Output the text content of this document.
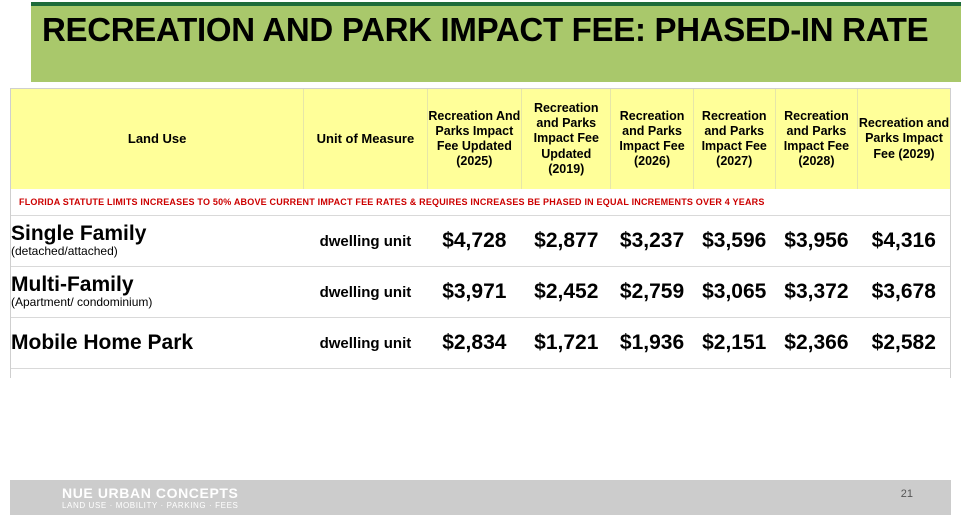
RECREATION AND PARK IMPACT FEE: PHASED-IN RATE
Land Use	Unit of Measure	Recreation And Parks Impact Fee Updated (2025)	Recreation and Parks Impact Fee Updated (2019)	Recreation and Parks Impact Fee (2026)	Recreation and Parks Impact Fee (2027)	Recreation and Parks Impact Fee (2028)	Recreation and Parks Impact Fee (2029)
FLORIDA STATUTE LIMITS INCREASES TO 50% ABOVE CURRENT IMPACT FEE RATES & REQUIRES INCREASES BE PHASED IN EQUAL INCREMENTS OVER 4 YEARS							

Single Family
(detached/attached)	dwelling unit	$4,728	$2,877	$3,237	$3,596	$3,956	$4,316

Multi-Family
(Apartment/ condominium)	dwelling unit	$3,971	$2,452	$2,759	$3,065	$3,372	$3,678

Mobile Home Park	dwelling unit	$2,834	$1,721	$1,936	$2,151	$2,366	$2,582

NUE URBAN CONCEPTS
LAND USE · MOBILITY · PARKING · FEES
21
